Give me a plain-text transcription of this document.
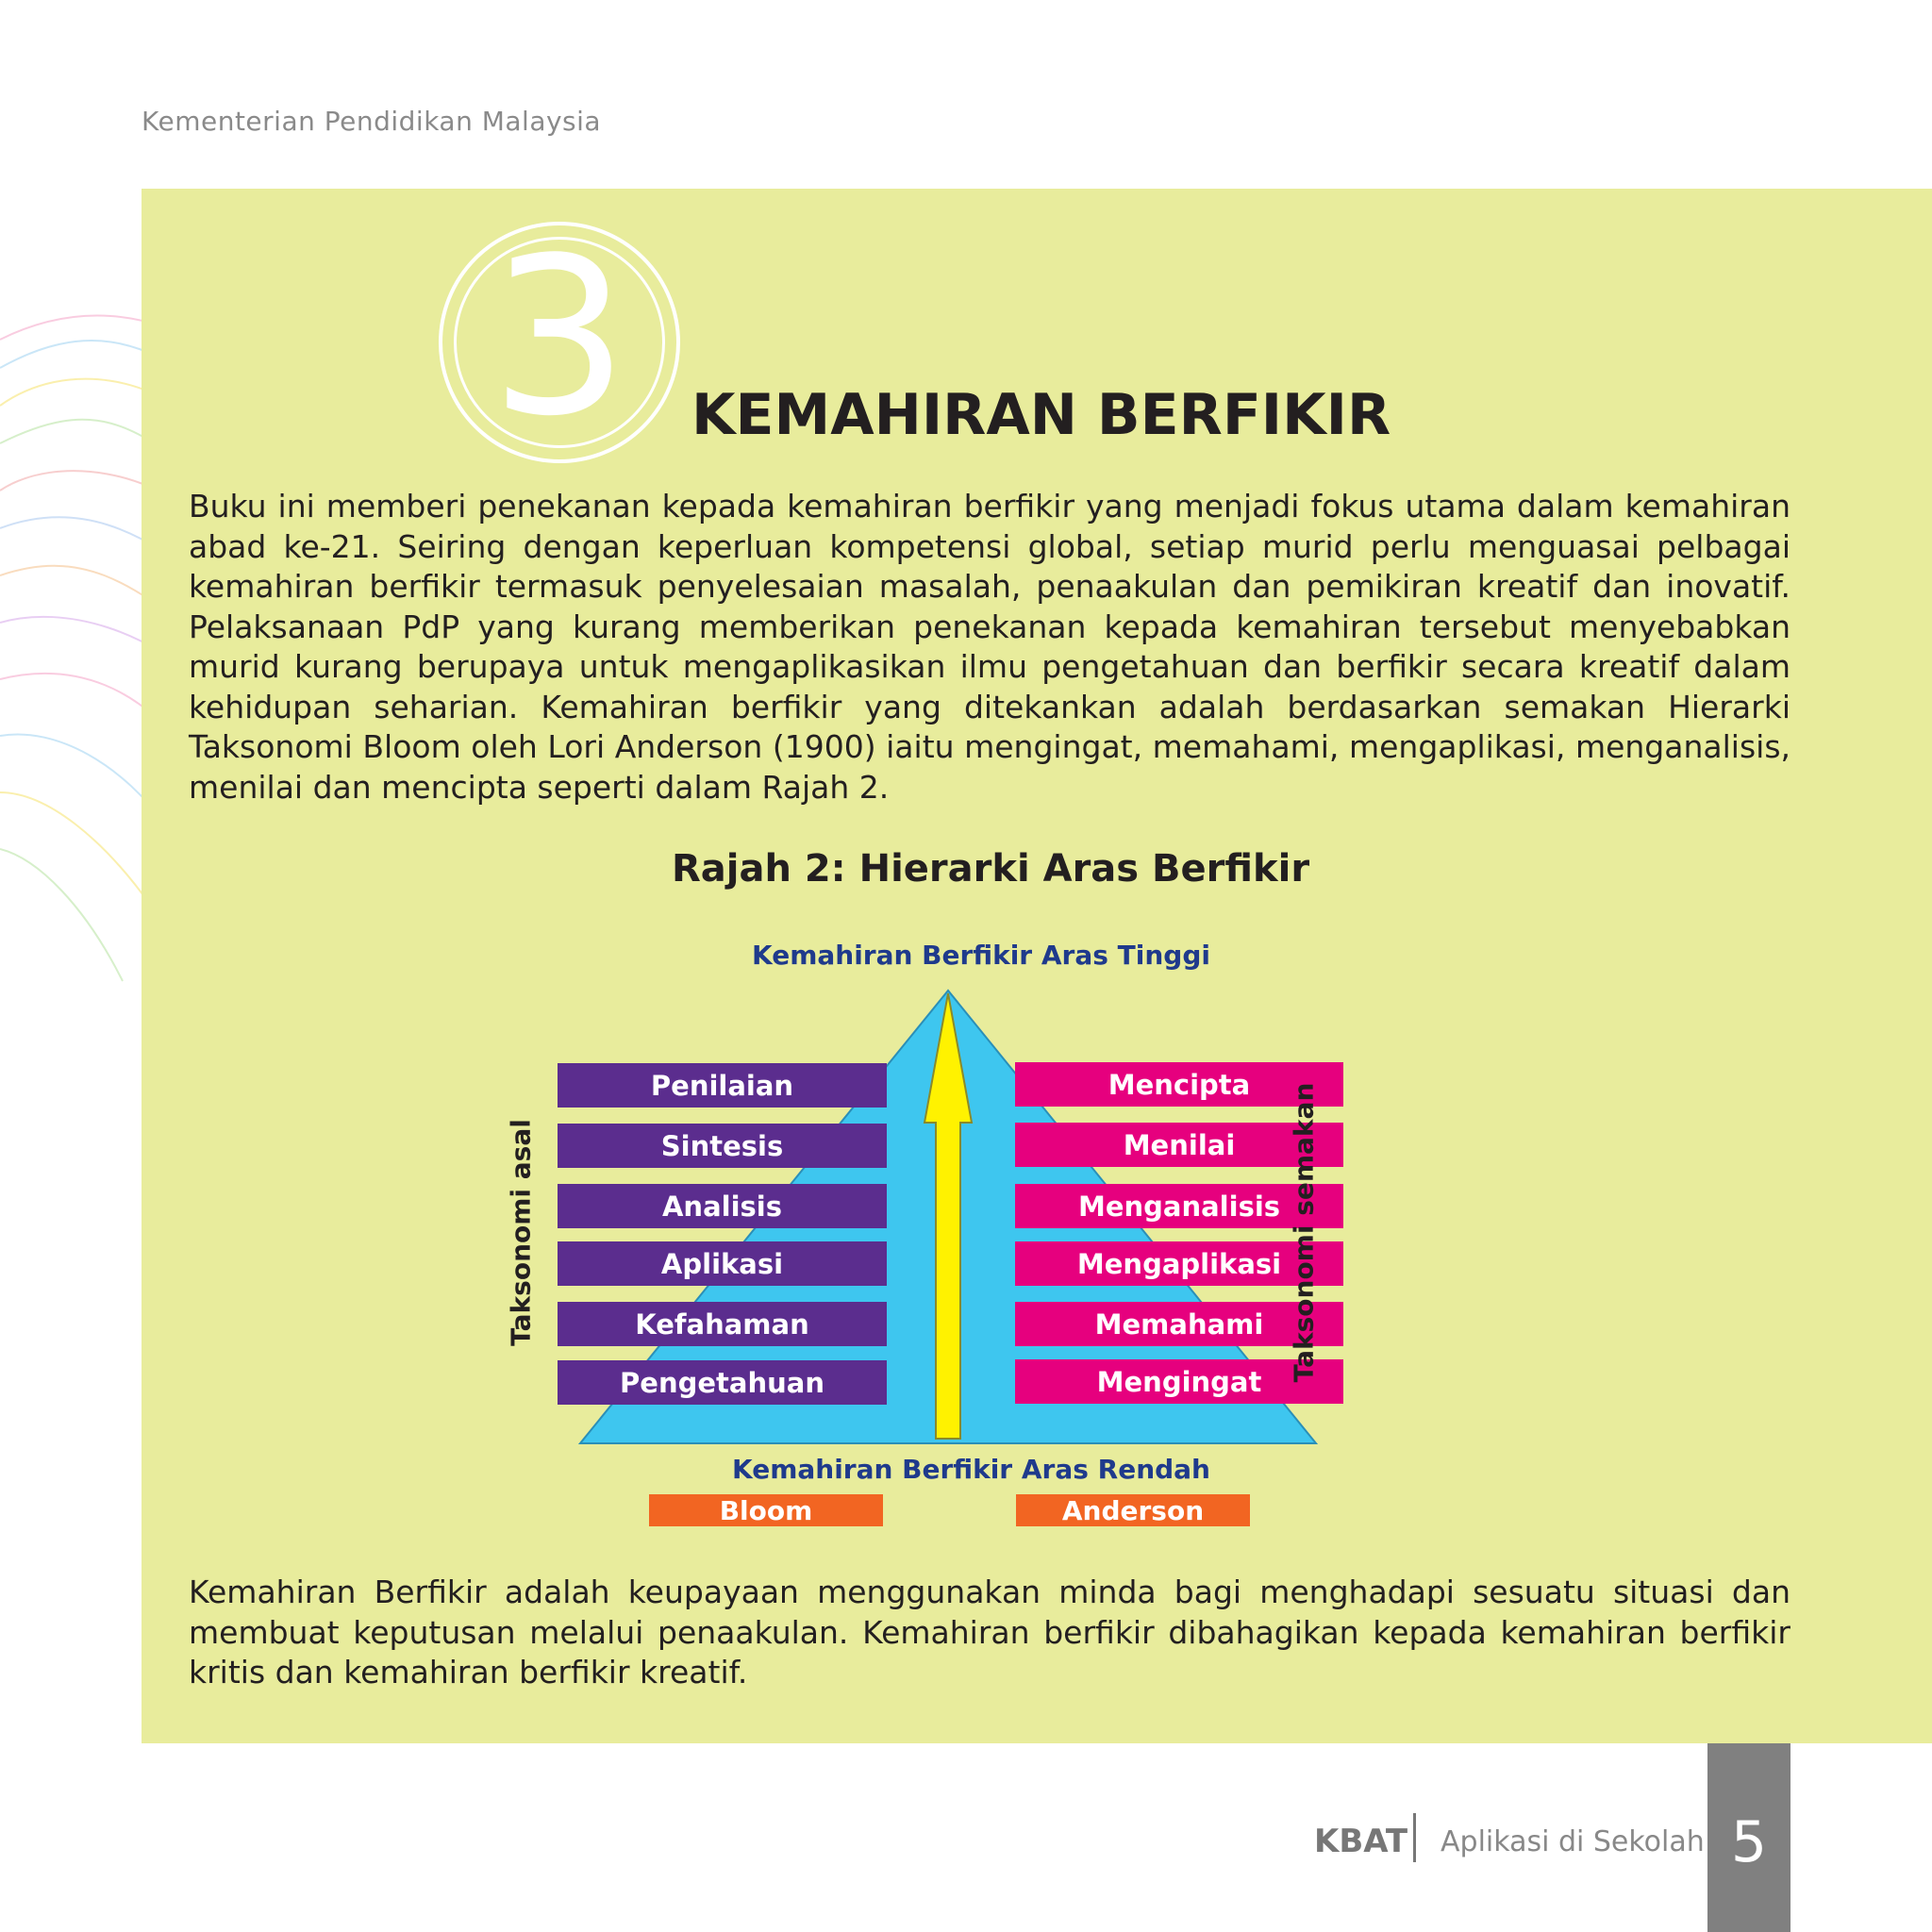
Kementerian Pendidikan Malaysia
3	KEMAHIRAN BERFIKIR

Buku ini memberi penekanan kepada kemahiran berfikir yang menjadi fokus utama dalam kemahiran abad ke-21. Seiring dengan keperluan kompetensi global, setiap murid perlu menguasai pelbagai kemahiran berfikir termasuk penyelesaian masalah, penaakulan dan pemikiran kreatif dan inovatif. Pelaksanaan PdP yang kurang memberikan penekanan kepada kemahiran tersebut menyebabkan murid kurang berupaya untuk mengaplikasikan ilmu pengetahuan dan berfikir secara kreatif dalam kehidupan seharian. Kemahiran berfikir yang ditekankan adalah berdasarkan semakan Hierarki Taksonomi Bloom oleh Lori Anderson (1900) iaitu mengingat, memahami, mengaplikasi, menganalisis, menilai dan mencipta seperti dalam Rajah 2.

Rajah 2: Hierarki Aras Berfikir
Kemahiran Berfikir Aras Tinggi
Penilaian
Sintesis
Analisis
Aplikasi
Kefahaman
Pengetahuan
Mencipta
Menilai
Menganalisis
Mengaplikasi
Memahami
Mengingat
Taksonomi asal	Taksonomi semakan
Kemahiran Berfikir Aras Rendah
Bloom	Anderson

Kemahiran Berfikir adalah keupayaan menggunakan minda bagi menghadapi sesuatu situasi dan membuat keputusan melalui penaakulan. Kemahiran berfikir dibahagikan kepada kemahiran berfikir kritis dan kemahiran berfikir kreatif.

KBAT Aplikasi di Sekolah 5
